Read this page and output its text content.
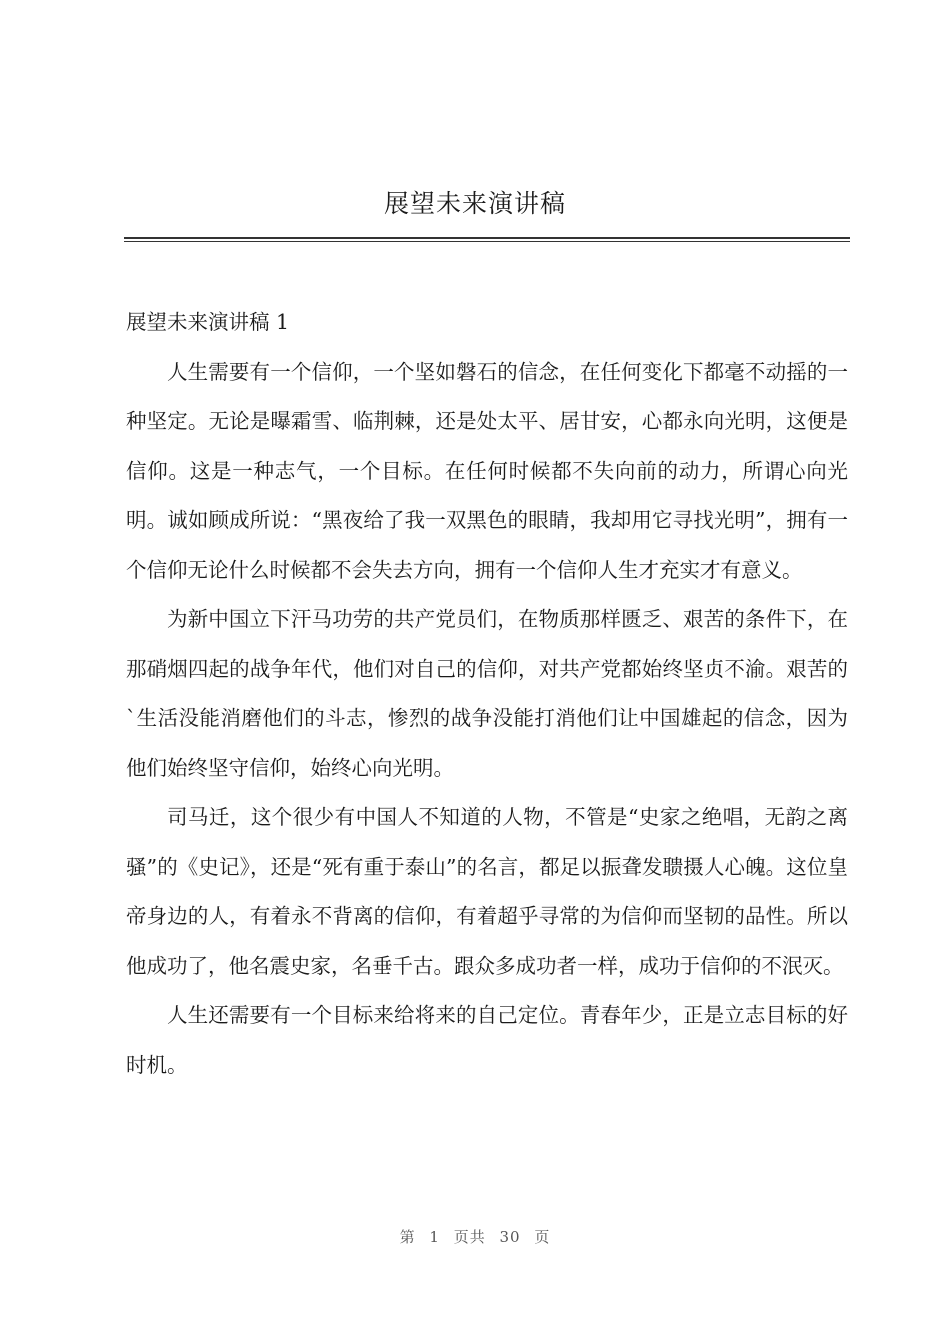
展望未来演讲稿

展望未来演讲稿 1

人生需要有一个信仰，一个坚如磐石的信念，在任何变化下都毫不动摇的一种坚定。无论是曝霜雪、临荆棘，还是处太平、居甘安，心都永向光明，这便是信仰。这是一种志气，一个目标。在任何时候都不失向前的动力，所谓心向光明。诚如顾成所说：“黑夜给了我一双黑色的眼睛，我却用它寻找光明”，拥有一个信仰无论什么时候都不会失去方向，拥有一个信仰人生才充实才有意义。

为新中国立下汗马功劳的共产党员们，在物质那样匮乏、艰苦的条件下，在那硝烟四起的战争年代，他们对自己的信仰，对共产党都始终坚贞不渝。艰苦的`生活没能消磨他们的斗志，惨烈的战争没能打消他们让中国雄起的信念，因为他们始终坚守信仰，始终心向光明。

司马迁，这个很少有中国人不知道的人物，不管是“史家之绝唱，无韵之离骚”的《史记》，还是“死有重于泰山”的名言，都足以振聋发聩摄人心魄。这位皇帝身边的人，有着永不背离的信仰，有着超乎寻常的为信仰而坚韧的品性。所以他成功了，他名震史家，名垂千古。跟众多成功者一样，成功于信仰的不泯灭。

人生还需要有一个目标来给将来的自己定位。青春年少，正是立志目标的好时机。

第 1 页共 30 页
